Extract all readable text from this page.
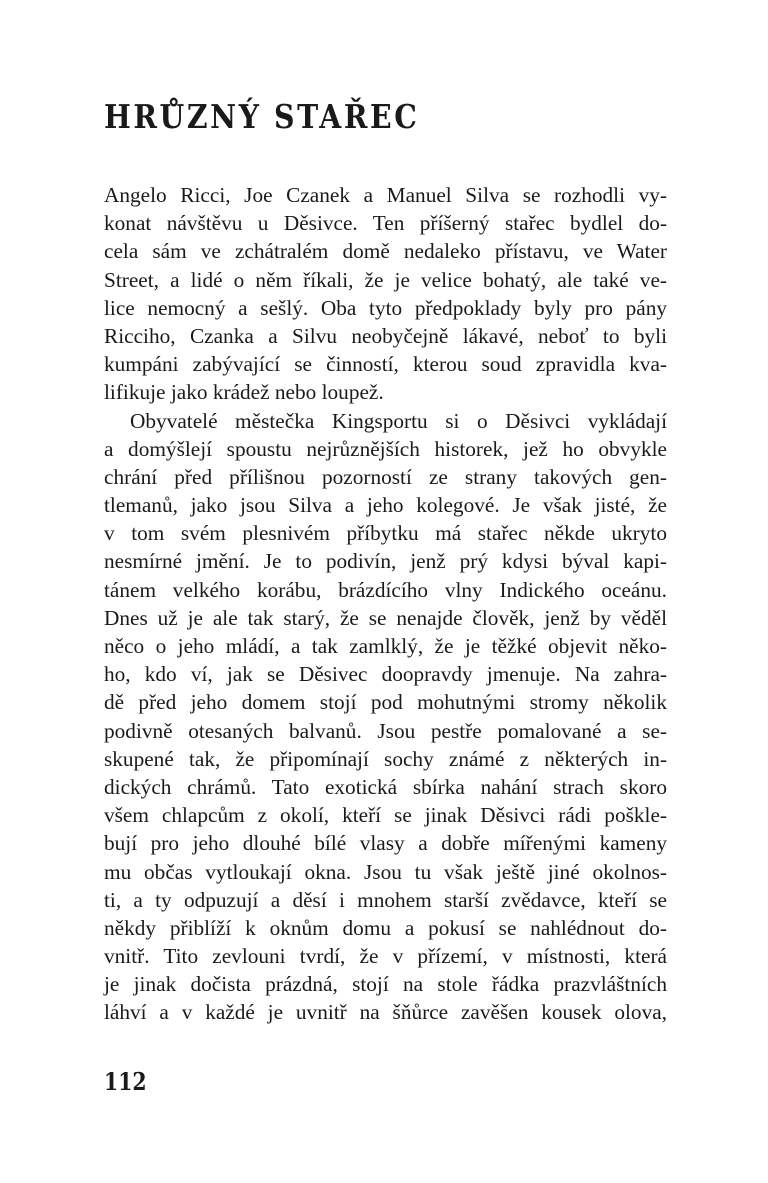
HRŮZNÝ STAŘEC
Angelo Ricci, Joe Czanek a Manuel Silva se rozhodli vy-
konat návštěvu u Děsivce. Ten příšerný stařec bydlel do-
cela sám ve zchátralém domě nedaleko přístavu, ve Water
Street, a lidé o něm říkali, že je velice bohatý, ale také ve-
lice nemocný a sešlý. Oba tyto předpoklady byly pro pány
Ricciho, Czanka a Silvu neobyčejně lákavé, neboť to byli
kumpáni zabývající se činností, kterou soud zpravidla kva-
lifikuje jako krádež nebo loupež.
Obyvatelé městečka Kingsportu si o Děsivci vykládají
a domýšlejí spoustu nejrůznějších historek, jež ho obvykle
chrání před přílišnou pozorností ze strany takových gen-
tlemanů, jako jsou Silva a jeho kolegové. Je však jisté, že
v tom svém plesnivém příbytku má stařec někde ukryto
nesmírné jmění. Je to podivín, jenž prý kdysi býval kapi-
tánem velkého korábu, brázdícího vlny Indického oceánu.
Dnes už je ale tak starý, že se nenajde člověk, jenž by věděl
něco o jeho mládí, a tak zamlklý, že je těžké objevit něko-
ho, kdo ví, jak se Děsivec doopravdy jmenuje. Na zahra-
dě před jeho domem stojí pod mohutnými stromy několik
podivně otesaných balvanů. Jsou pestře pomalované a se-
skupené tak, že připomínají sochy známé z některých in-
dických chrámů. Tato exotická sbírka nahání strach skoro
všem chlapcům z okolí, kteří se jinak Děsivci rádi poškle-
bují pro jeho dlouhé bílé vlasy a dobře mířenými kameny
mu občas vytloukají okna. Jsou tu však ještě jiné okolnos-
ti, a ty odpuzují a děsí i mnohem starší zvědavce, kteří se
někdy přiblíží k oknům domu a pokusí se nahlédnout do-
vnitř. Tito zevlouni tvrdí, že v přízemí, v místnosti, která
je jinak dočista prázdná, stojí na stole řádka prazvláštních
láhví a v každé je uvnitř na šňůrce zavěšen kousek olova,
112
